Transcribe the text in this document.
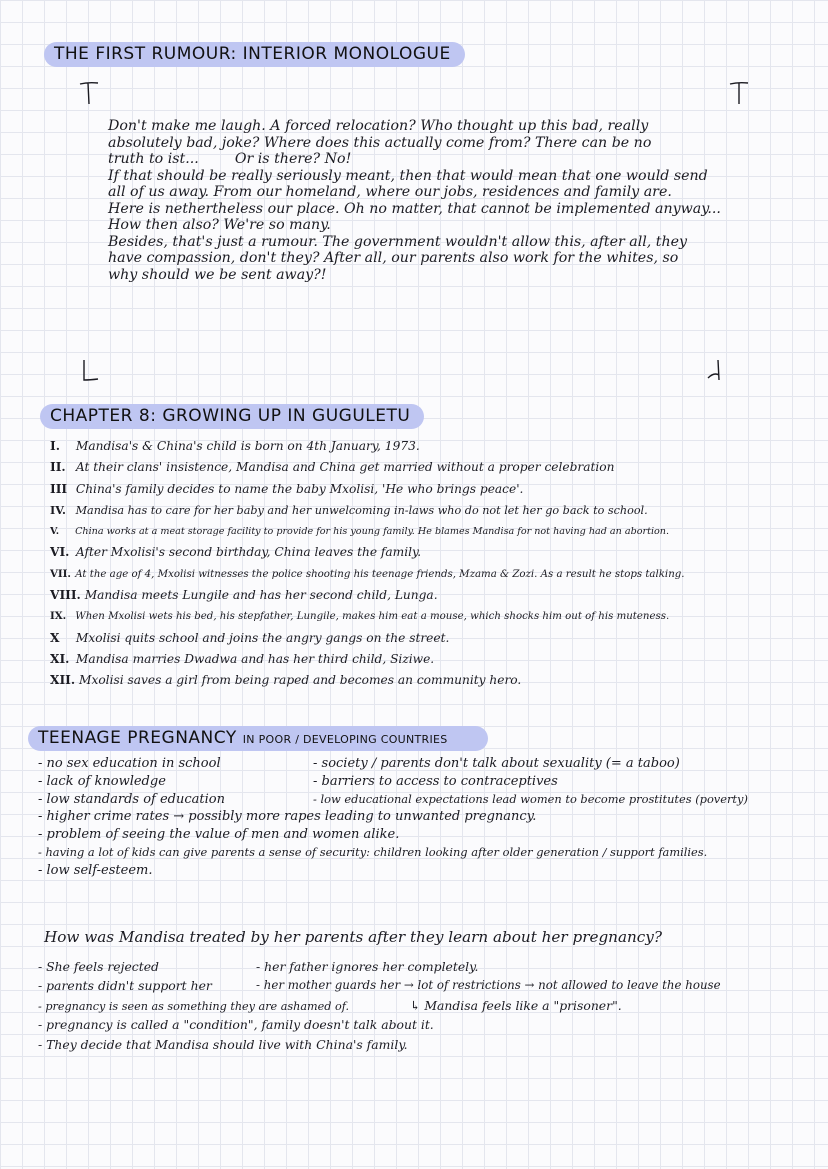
THE FIRST RUMOUR: INTERIOR MONOLOGUE

Don't make me laugh. A forced relocation? Who thought up this bad, really

absolutely bad, joke? Where does this actually come from? There can be no

truth to ist...        Or is there? No!

If that should be really seriously meant, then that would mean that one would send

all of us away. From our homeland, where our jobs, residences and family are.

Here is nethertheless our place. Oh no matter, that cannot be implemented anyway...

How then also? We're so many.

Besides, that's just a rumour. The government wouldn't allow this, after all, they

have compassion, don't they? After all, our parents also work for the whites, so

why should we be sent away?!

CHAPTER 8: GROWING UP IN GUGULETU
I. Mandisa's & China's child is born on 4th January, 1973.
II. At their clans' insistence, Mandisa and China get married without a proper celebration
III China's family decides to name the baby Mxolisi, 'He who brings peace'.
IV. Mandisa has to care for her baby and her unwelcoming in-laws who do not let her go back to school.
V. China works at a meat storage facility to provide for his young family. He blames Mandisa for not having had an abortion.
VI. After Mxolisi's second birthday, China leaves the family.
VII. At the age of 4, Mxolisi witnesses the police shooting his teenage friends, Mzama & Zozi. As a result he stops talking.
VIII. Mandisa meets Lungile and has her second child, Lunga.
IX. When Mxolisi wets his bed, his stepfather, Lungile, makes him eat a mouse, which shocks him out of his muteness.
X Mxolisi quits school and joins the angry gangs on the street.
XI. Mandisa marries Dwadwa and has her third child, Siziwe.
XII. Mxolisi saves a girl from being raped and becomes an community hero.
TEENAGE PREGNANCY IN POOR / DEVELOPING COUNTRIES
- no sex education in school	- society / parents don't talk about sexuality (= a taboo)
- lack of knowledge	- barriers to access to contraceptives
- low standards of education	- low educational expectations lead women to become prostitutes (poverty)
- higher crime rates → possibly more rapes leading to unwanted pregnancy.
- problem of seeing the value of men and women alike.
- having a lot of kids can give parents a sense of security: children looking after older generation / support families.
- low self-esteem.
How was Mandisa treated by her parents after they learn about her pregnancy?
- She feels rejected	- her father ignores her completely.
- parents didn't support her	- her mother guards her → lot of restrictions → not allowed to leave the house
- pregnancy is seen as something they are ashamed of.	↳ Mandisa feels like a "prisoner".
- pregnancy is called a "condition", family doesn't talk about it.
- They decide that Mandisa should live with China's family.
